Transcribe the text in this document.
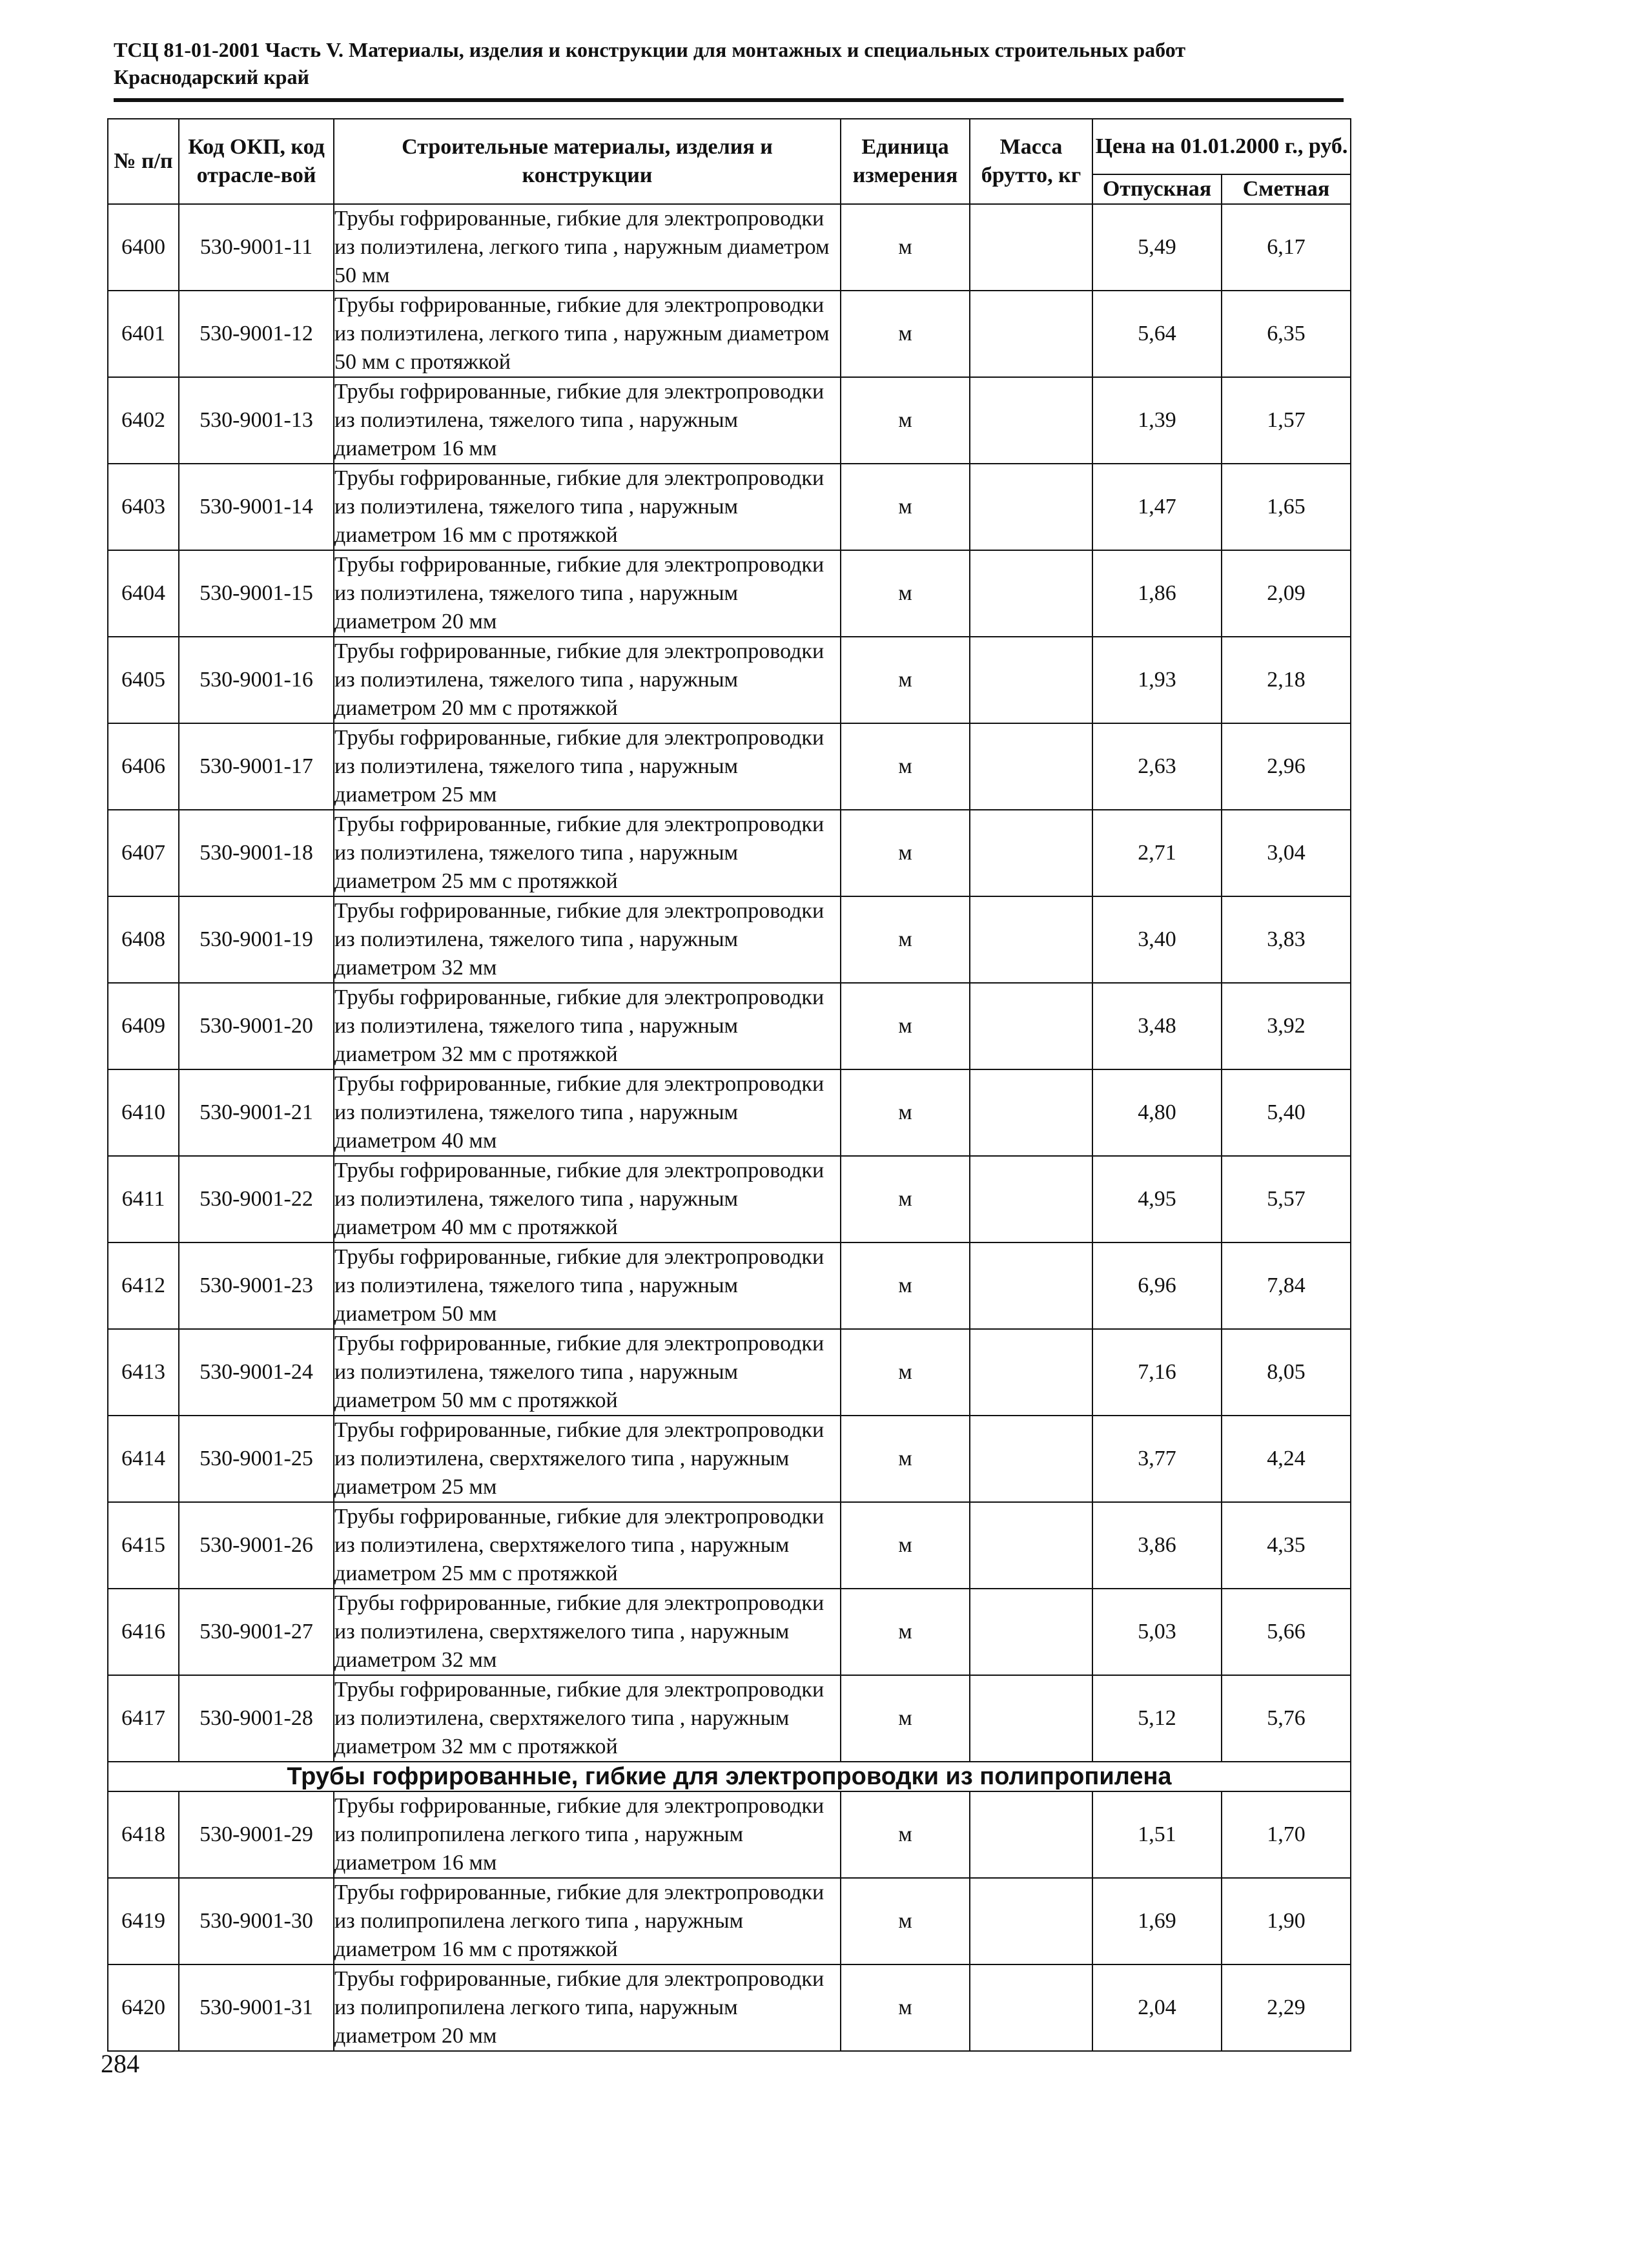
ТСЦ 81-01-2001 Часть V. Материалы, изделия и конструкции для монтажных и специальных строительных работ
Краснодарский край
№ п/п	Код ОКП, код отрасле-вой	Строительные материалы, изделия и конструкции	Единица измерения	Масса брутто, кг	Цена на 01.01.2000 г., руб.	
					Отпускная	Сметная
6400	530-9001-11	Трубы гофрированные, гибкие для электропроводки из полиэтилена, легкого типа , наружным диаметром 50 мм	м		5,49	6,17
6401	530-9001-12	Трубы гофрированные, гибкие для электропроводки из полиэтилена, легкого типа , наружным диаметром 50 мм с протяжкой	м		5,64	6,35
6402	530-9001-13	Трубы гофрированные, гибкие для электропроводки из полиэтилена, тяжелого типа , наружным диаметром 16 мм	м		1,39	1,57
6403	530-9001-14	Трубы гофрированные, гибкие для электропроводки из полиэтилена, тяжелого типа , наружным диаметром 16 мм с протяжкой	м		1,47	1,65
6404	530-9001-15	Трубы гофрированные, гибкие для электропроводки из полиэтилена, тяжелого типа , наружным диаметром 20 мм	м		1,86	2,09
6405	530-9001-16	Трубы гофрированные, гибкие для электропроводки из полиэтилена, тяжелого типа , наружным диаметром 20 мм с протяжкой	м		1,93	2,18
6406	530-9001-17	Трубы гофрированные, гибкие для электропроводки из полиэтилена, тяжелого типа , наружным диаметром 25 мм	м		2,63	2,96
6407	530-9001-18	Трубы гофрированные, гибкие для электропроводки из полиэтилена, тяжелого типа , наружным диаметром 25 мм с протяжкой	м		2,71	3,04
6408	530-9001-19	Трубы гофрированные, гибкие для электропроводки из полиэтилена, тяжелого типа , наружным диаметром 32 мм	м		3,40	3,83
6409	530-9001-20	Трубы гофрированные, гибкие для электропроводки из полиэтилена, тяжелого типа , наружным диаметром 32 мм с протяжкой	м		3,48	3,92
6410	530-9001-21	Трубы гофрированные, гибкие для электропроводки из полиэтилена, тяжелого типа , наружным диаметром 40 мм	м		4,80	5,40
6411	530-9001-22	Трубы гофрированные, гибкие для электропроводки из полиэтилена, тяжелого типа , наружным диаметром 40 мм с протяжкой	м		4,95	5,57
6412	530-9001-23	Трубы гофрированные, гибкие для электропроводки из полиэтилена, тяжелого типа , наружным диаметром 50 мм	м		6,96	7,84
6413	530-9001-24	Трубы гофрированные, гибкие для электропроводки из полиэтилена, тяжелого типа , наружным диаметром 50 мм с протяжкой	м		7,16	8,05
6414	530-9001-25	Трубы гофрированные, гибкие для электропроводки из полиэтилена, сверхтяжелого типа , наружным диаметром 25 мм	м		3,77	4,24
6415	530-9001-26	Трубы гофрированные, гибкие для электропроводки из полиэтилена, сверхтяжелого типа , наружным диаметром 25 мм с протяжкой	м		3,86	4,35
6416	530-9001-27	Трубы гофрированные, гибкие для электропроводки из полиэтилена, сверхтяжелого типа , наружным диаметром 32 мм	м		5,03	5,66
6417	530-9001-28	Трубы гофрированные, гибкие для электропроводки из полиэтилена, сверхтяжелого типа , наружным диаметром 32 мм с протяжкой	м		5,12	5,76
Трубы гофрированные, гибкие для электропроводки из полипропилена						
6418	530-9001-29	Трубы гофрированные, гибкие для электропроводки из полипропилена легкого типа , наружным диаметром 16 мм	м		1,51	1,70
6419	530-9001-30	Трубы гофрированные, гибкие для электропроводки из полипропилена легкого типа , наружным диаметром 16 мм с протяжкой	м		1,69	1,90
6420	530-9001-31	Трубы гофрированные, гибкие для электропроводки из полипропилена легкого типа, наружным диаметром 20 мм	м		2,04	2,29
284
